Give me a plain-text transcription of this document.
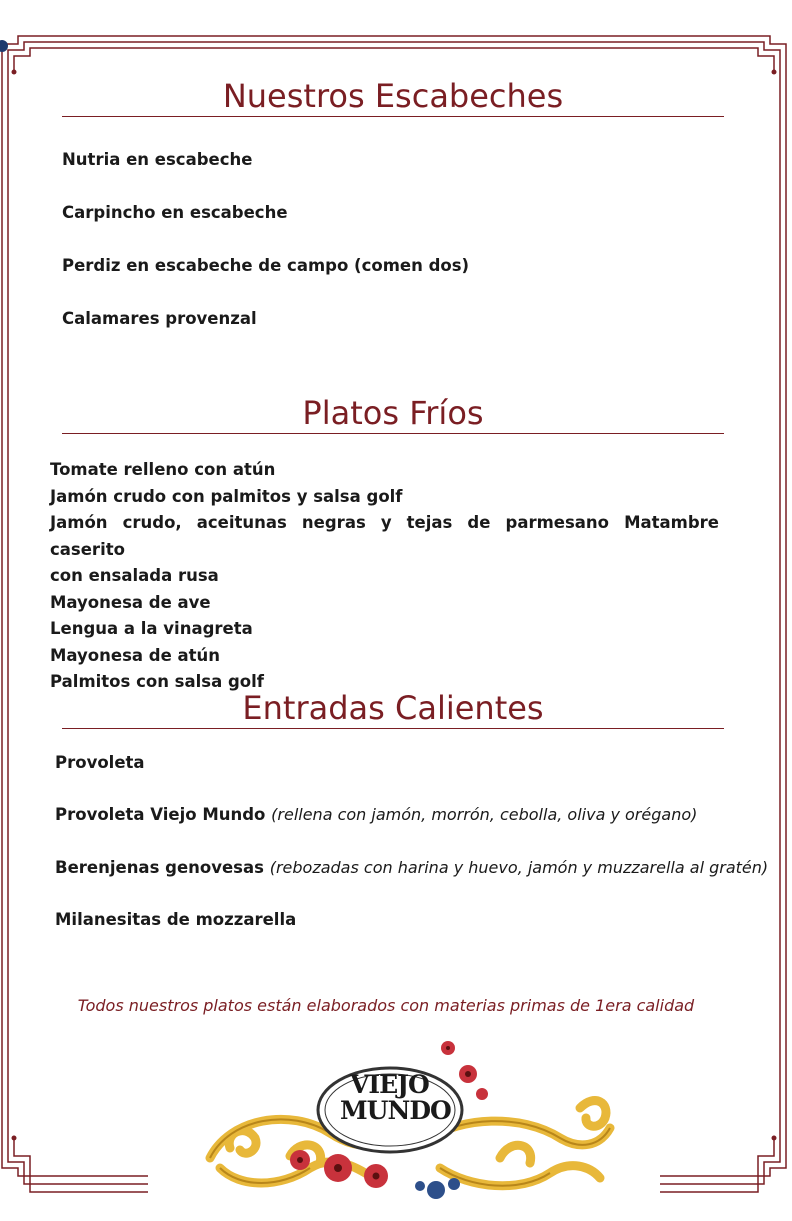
Nuestros Escabeches
Nutria en escabeche
Carpincho en escabeche
Perdiz en escabeche de campo (comen dos)
Calamares provenzal
Platos Fríos
Tomate relleno con atún
Jamón crudo con palmitos y salsa golf
Jamón crudo, aceitunas negras y tejas de parmesano Matambre caserito
con ensalada rusa
Mayonesa de ave
Lengua a la vinagreta
Mayonesa de atún
Palmitos con salsa golf
Entradas Calientes
Provoleta
Provoleta Viejo Mundo (rellena con jamón, morrón, cebolla, oliva y orégano)
Berenjenas genovesas (rebozadas con harina y huevo, jamón y muzzarella al gratén)
Milanesitas de mozzarella
Todos nuestros platos están elaborados con materias primas de 1era calidad
VIEJO
MUNDO
